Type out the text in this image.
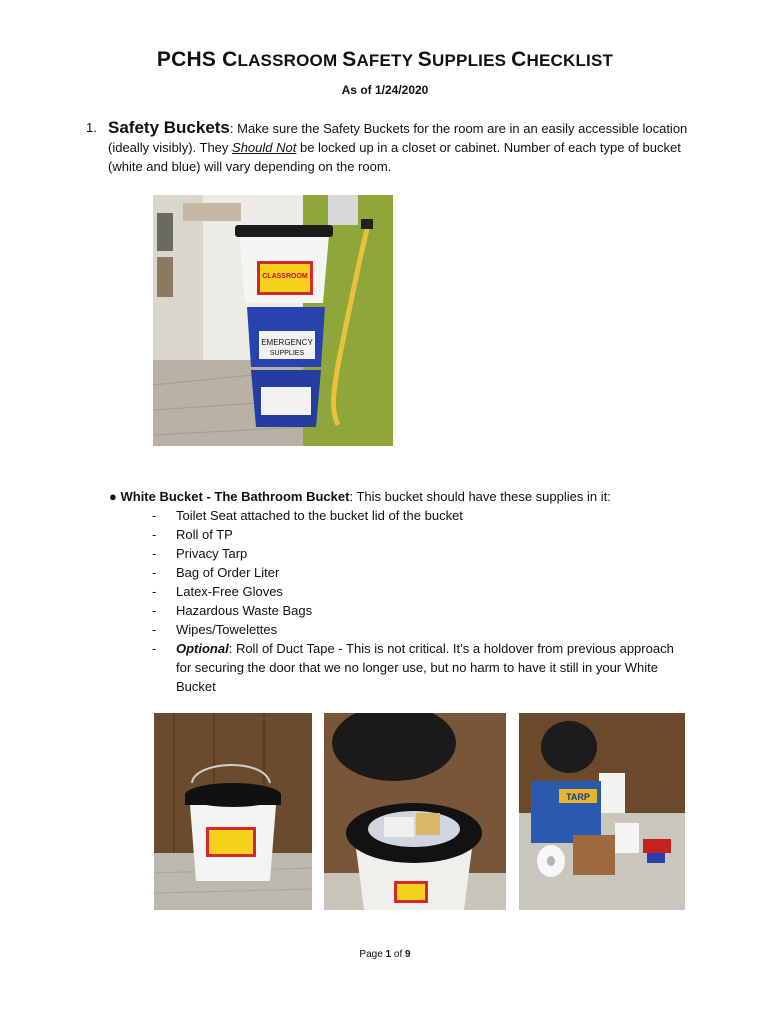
PCHS CLASSROOM SAFETY SUPPLIES CHECKLIST
As of 1/24/2020
1. Safety Buckets: Make sure the Safety Buckets for the room are in an easily accessible location (ideally visibly). They Should Not be locked up in a closet or cabinet. Number of each type of bucket (white and blue) will vary depending on the room.
EMERGENCY
SUPPLIES
CLASSROOM
● White Bucket - The Bathroom Bucket: This bucket should have these supplies in it:
- Toilet Seat attached to the bucket lid of the bucket
- Roll of TP
- Privacy Tarp
- Bag of Order Liter
- Latex-Free Gloves
- Hazardous Waste Bags
- Wipes/Towelettes
- Optional: Roll of Duct Tape - This is not critical. It’s a holdover from previous approach for securing the door that we no longer use, but no harm to have it still in your White Bucket
TARP
Page 1 of 9
